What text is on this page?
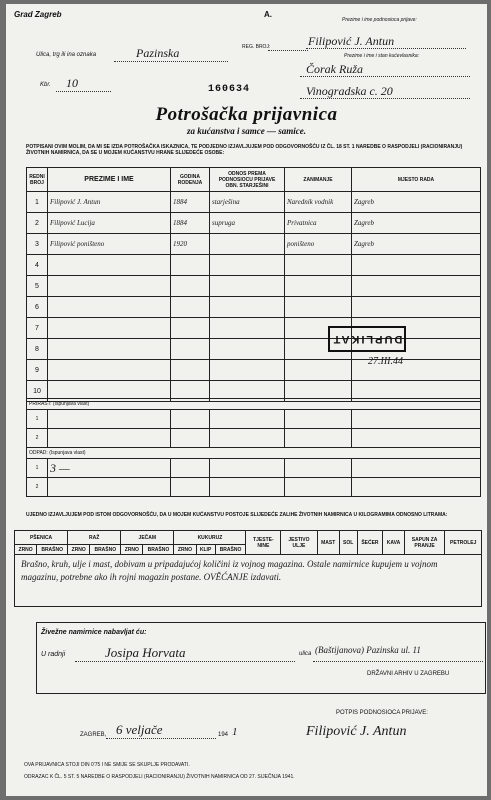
Grad Zagreb	A.
REG. BROJ:
Ulica, trg ili ina oznaka	Pazinska
Kbr. 10	160634
Prezime i ime podnosioca prijave:
Filipović J. Antun
Prezime i ime i stan kućevlasnika:
Čorak Ruža
Vinogradska c. 20
Potrošačka prijavnica
za kućanstva i samce — samice.
POTPISANI OVIM MOLIM, DA MI SE IZDA POTROŠAČKA ISKAZNICA, TE PODJEDNO IZJAVLJUJEM POD ODGOVORNOŠĆU IZ ČL. 18 ST. 1 NAREDBE O RASPODJELI (RACIONIRANJU) ŽIVOTNIH NAMIRNICA, DA SE U MOJEM KUĆANSTVU HRANE SLIJEDEĆE OSOBE:
REDNI BROJ	PREZIME I IME	GODINA RODENJA	ODNOS PREMA PODNOSIOCU PRIJAVE OBN. STARJEŠINI	ZANIMANJE	MJESTO RADA
1	Filipović J. Antun	1884	starješina	Narednik vodnik	Zagreb
2	Filipović Lucija	1884	supruga	Privatnica	Zagreb
3	Filipović poništeno	1920		poništeno	Zagreb
4					
5					
6					
7					
8					
9					
10					
DUPLIKAT
27.III.44
PRIRAST: (Ispunjava vlast)					
1					
2					
ODPAD: (Ispunjava vlast)					
1	3 —				
2					
UJEDNO IZJAVLJUJEM POD ISTOM ODGOVORNOŠĆU, DA U MOJEM KUĆANSTVU POSTOJE SLIJEDEĆE ZALIHE ŽIVOTNIH NAMIRNICA U KILOGRAMIMA ODNOSNO LITRAMA:
PŠENICA		RAŽ		JEČAM		KUKURUZ			TJESTE-NINE	JESTIVO ULJE	MAST	SOL	ŠEĆER	KAVA	SAPUN ZA PRANJE	PETROLEJ
ZRNO	BRAŠNO	ZRNO	BRAŠNO	ZRNO	BRAŠNO	ZRNO	KLIP	BRAŠNO								
Brašno, kruh, ulje i mast, dobivam u pripadajućoj količini iz vojnog magazina. Ostale namirnice kupujem u vojnom magazinu, potrebne ako ih rojni magazin postane. OVĚĆANJE izdavati.																
Živežne namirnice nabavljat ću:
U radnji	Josipa Horvata	ulica (Baštijanova) Pazinska ul. 11
DRŽAVNI ARHIV U ZAGREBU
ZAGREB, 6 veljače	194 1
POTPIS PODNOSIOCA PRIJAVE:
Filipović J. Antun
OVA PRIJAVNICA STOJI DIN 0'75 I NE SMIJE SE SKUPLJE PRODAVATI.
ODRAZAC K ČL. 5 ST. 5 NAREDBE O RASPODJELI (RACIONIRANJU) ŽIVOTNIH NAMIRNICA OD 27. SIJEČNJA 1941.
